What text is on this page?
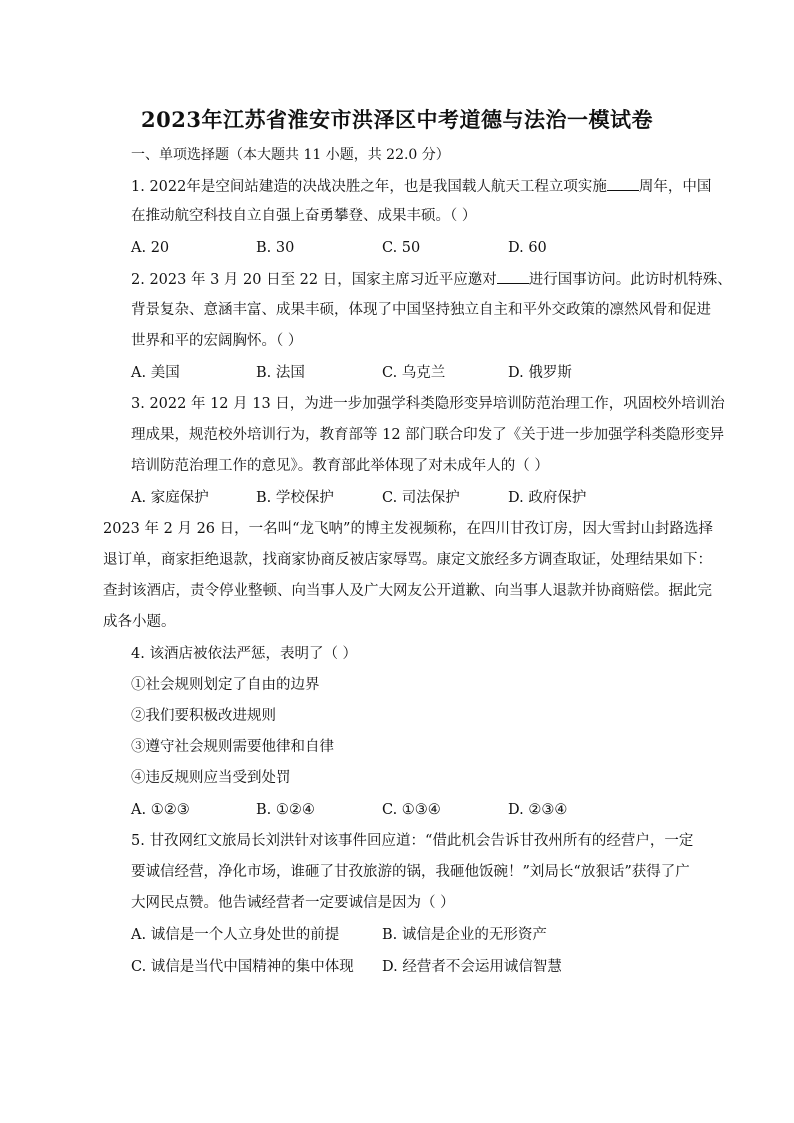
2023年江苏省淮安市洪泽区中考道德与法治一模试卷
一、单项选择题（本大题共 11 小题，共 22.0 分）
1. 2022年是空间站建造的决战决胜之年，也是我国载人航天工程立项实施 周年，中国
在推动航空科技自立自强上奋勇攀登、成果丰硕。（ ）
A. 20	B. 30	C. 50	D. 60
2. 2023 年 3 月 20 日至 22 日，国家主席习近平应邀对 进行国事访问。此访时机特殊、
背景复杂、意涵丰富、成果丰硕，体现了中国坚持独立自主和平外交政策的凛然风骨和促进
世界和平的宏阔胸怀。（ ）
A. 美国	B. 法国	C. 乌克兰	D. 俄罗斯
3. 2022 年 12 月 13 日，为进一步加强学科类隐形变异培训防范治理工作，巩固校外培训治
理成果，规范校外培训行为，教育部等 12 部门联合印发了《关于进一步加强学科类隐形变异
培训防范治理工作的意见》。教育部此举体现了对未成年人的（ ）
A. 家庭保护	B. 学校保护	C. 司法保护	D. 政府保护
2023 年 2 月 26 日，一名叫“龙飞呐”的博主发视频称，在四川甘孜订房，因大雪封山封路选择
退订单，商家拒绝退款，找商家协商反被店家辱骂。康定文旅经多方调查取证，处理结果如下：
查封该酒店，责令停业整顿、向当事人及广大网友公开道歉、向当事人退款并协商赔偿。据此完
成各小题。
4. 该酒店被依法严惩，表明了（ ）
①社会规则划定了自由的边界
②我们要积极改进规则
③遵守社会规则需要他律和自律
④违反规则应当受到处罚
A. ①②③	B. ①②④	C. ①③④	D. ②③④
5. 甘孜网红文旅局长刘洪针对该事件回应道：“借此机会告诉甘孜州所有的经营户，一定
要诚信经营，净化市场，谁砸了甘孜旅游的锅，我砸他饭碗！”刘局长“放狠话”获得了广
大网民点赞。他告诫经营者一定要诚信是因为（ ）
A. 诚信是一个人立身处世的前提	B. 诚信是企业的无形资产
C. 诚信是当代中国精神的集中体现 D. 经营者不会运用诚信智慧
